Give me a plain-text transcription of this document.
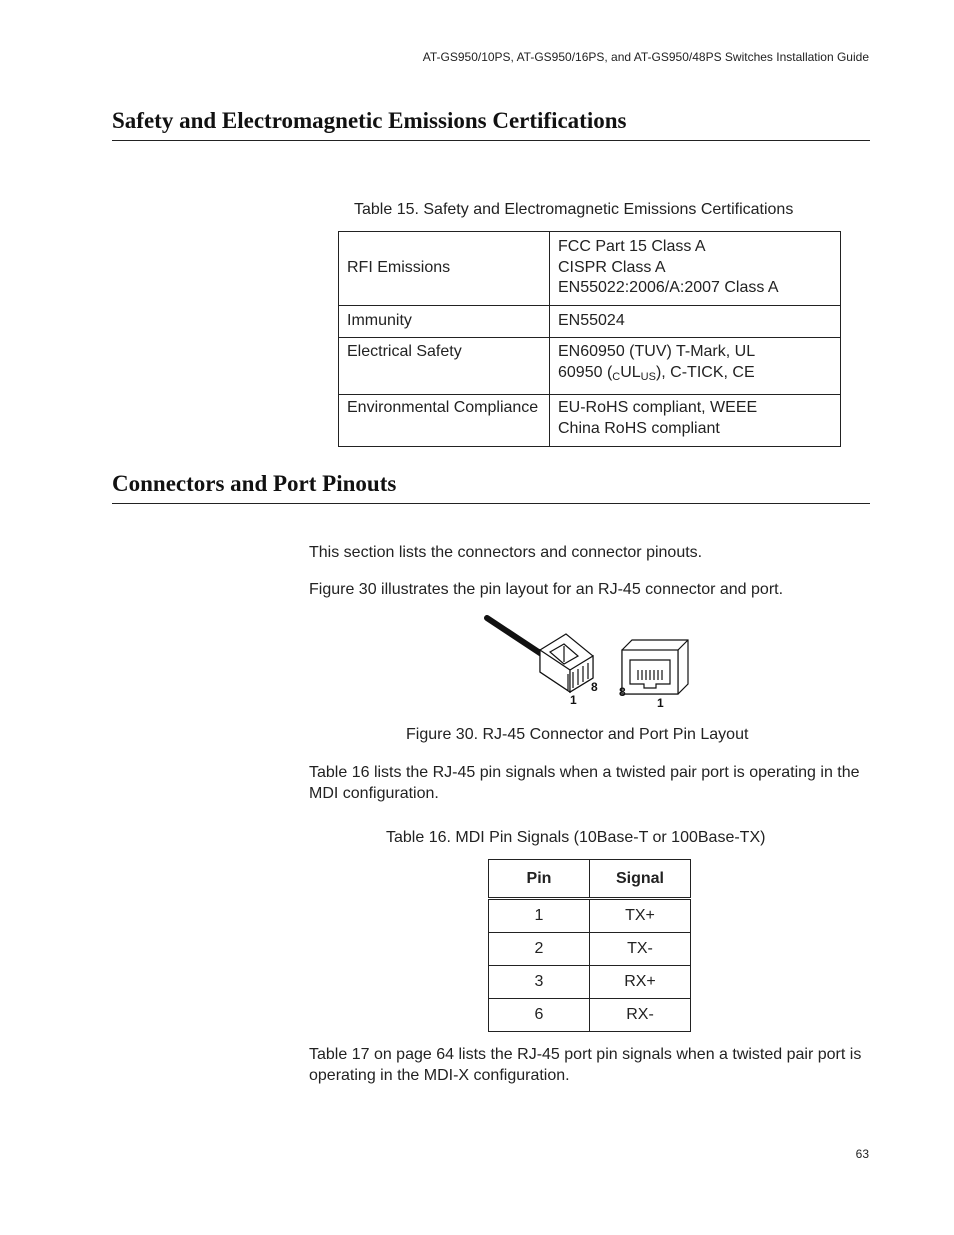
AT-GS950/10PS, AT-GS950/16PS, and AT-GS950/48PS Switches Installation Guide
Safety and Electromagnetic Emissions Certifications
Table 15. Safety and Electromagnetic Emissions Certifications
RFI Emissions	FCC Part 15 Class A
CISPR Class A
EN55022:2006/A:2007 Class A

Immunity	EN55024

Electrical Safety	EN60950 (TUV) T-Mark, UL
60950 $(_CUL_{US})$, C-TICK, CE

Environmental Compliance	EU-RoHS compliant, WEEE
China RoHS compliant
Connectors and Port Pinouts
This section lists the connectors and connector pinouts.
Figure 30 illustrates the pin layout for an RJ-45 connector and port.
1
8 8
1
Figure 30. RJ-45 Connector and Port Pin Layout
Table 16 lists the RJ-45 pin signals when a twisted pair port is operating in the MDI configuration.
Table 16. MDI Pin Signals (10Base-T or 100Base-TX)
Pin	Signal
1	TX+
2	TX-
3	RX+
6	RX-
Table 17 on page 64 lists the RJ-45 port pin signals when a twisted pair port is operating in the MDI-X configuration.
63
